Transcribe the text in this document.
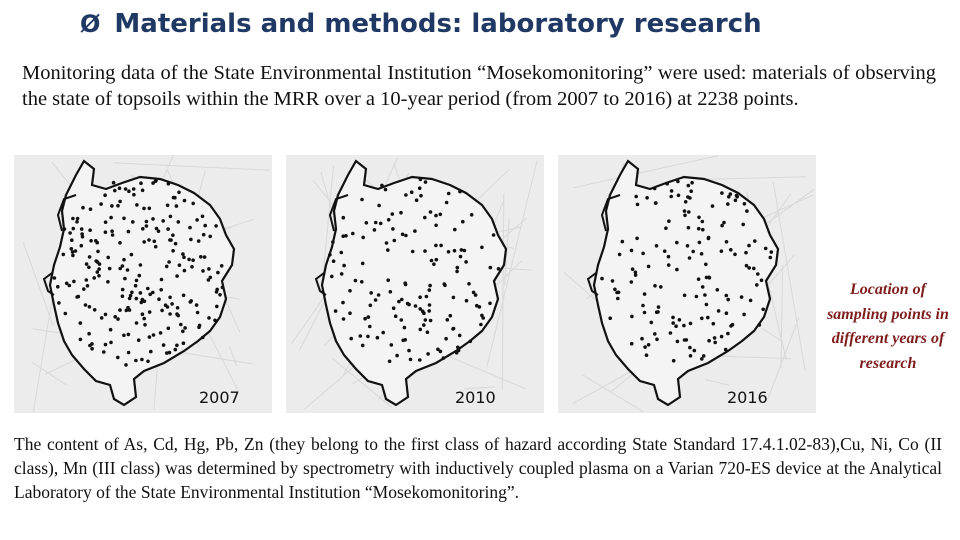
Ø Materials and methods: laboratory research
Monitoring data of the State Environmental Institution “Mosekomonitoring” were used: materials of observing the state of topsoils within the MRR over a 10-year period (from 2007 to 2016) at 2238 points.
2007	2010	2016
Location of sampling points in different years of research
The content of As, Cd, Hg, Pb, Zn (they belong to the first class of hazard according State Standard 17.4.1.02-83),Cu, Ni, Co (II class), Mn (III class) was determined by spectrometry with inductively coupled plasma on a Varian 720-ES device at the Analytical Laboratory of the State Environmental Institution “Mosekomonitoring”.
